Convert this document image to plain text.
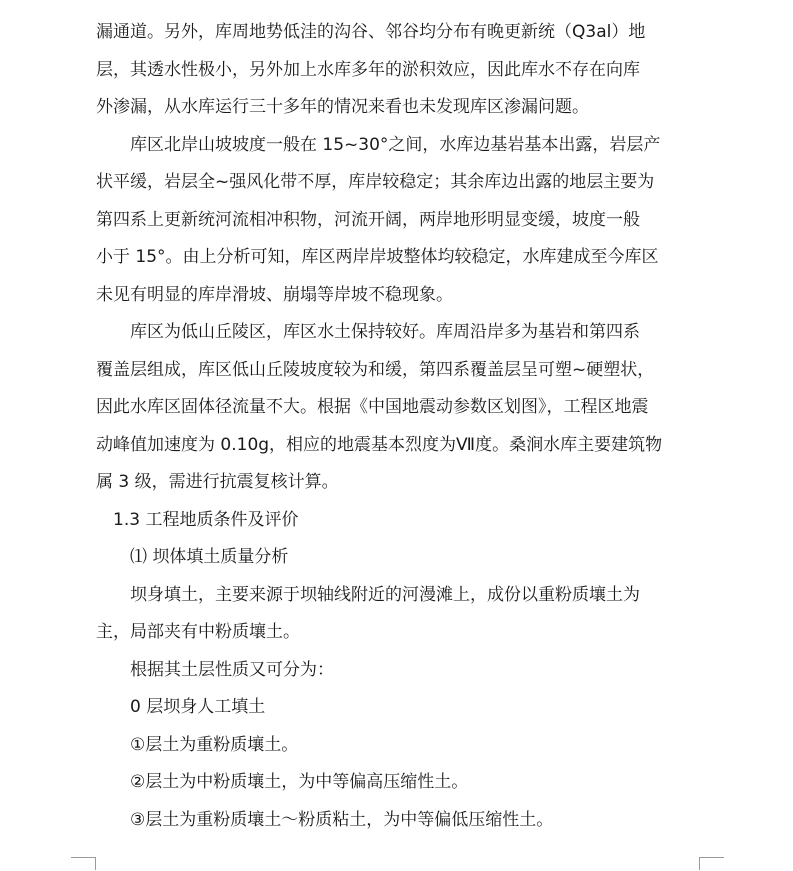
漏通道。另外，库周地势低洼的沟谷、邻谷均分布有晚更新统（Q3al）地
层，其透水性极小，另外加上水库多年的淤积效应，因此库水不存在向库
外渗漏，从水库运行三十多年的情况来看也未发现库区渗漏问题。
库区北岸山坡坡度一般在 15~30°之间，水库边基岩基本出露，岩层产
状平缓，岩层全~强风化带不厚，库岸较稳定；其余库边出露的地层主要为
第四系上更新统河流相冲积物，河流开阔，两岸地形明显变缓，坡度一般
小于 15°。由上分析可知，库区两岸岸坡整体均较稳定，水库建成至今库区
未见有明显的库岸滑坡、崩塌等岸坡不稳现象。
库区为低山丘陵区，库区水土保持较好。库周沿岸多为基岩和第四系
覆盖层组成，库区低山丘陵坡度较为和缓，第四系覆盖层呈可塑~硬塑状，
因此水库区固体径流量不大。根据《中国地震动参数区划图》，工程区地震
动峰值加速度为 0.10g，相应的地震基本烈度为Ⅶ度。桑涧水库主要建筑物
属 3 级，需进行抗震复核计算。
1.3 工程地质条件及评价
⑴ 坝体填土质量分析
坝身填土，主要来源于坝轴线附近的河漫滩上，成份以重粉质壤土为
主，局部夹有中粉质壤土。
根据其土层性质又可分为：
0 层坝身人工填土
①层土为重粉质壤土。
②层土为中粉质壤土，为中等偏高压缩性土。
③层土为重粉质壤土～粉质粘土，为中等偏低压缩性土。
